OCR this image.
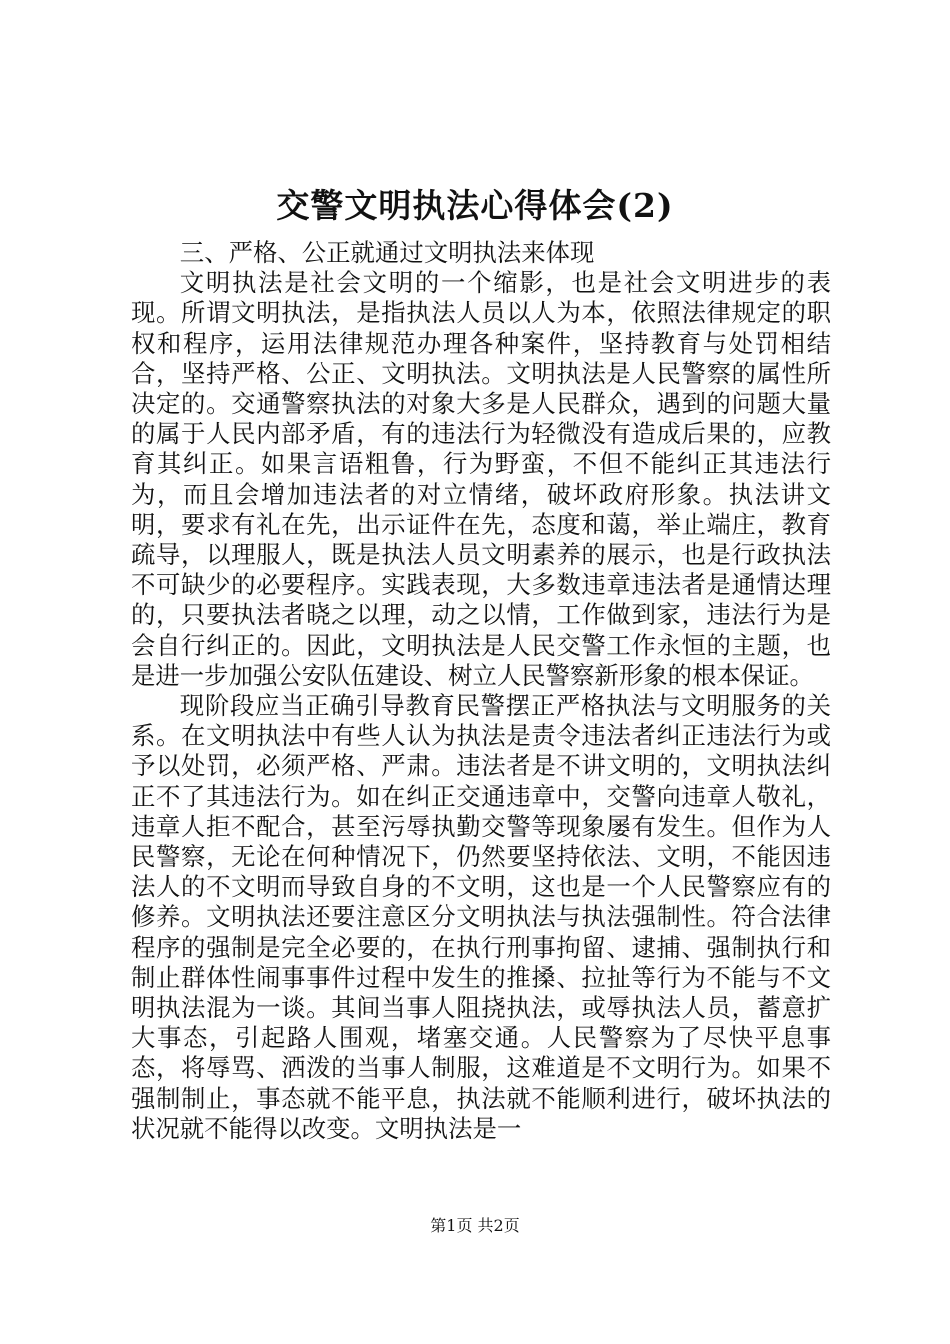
交警文明执法心得体会(2)

三、严格、公正就通过文明执法来体现

文明执法是社会文明的一个缩影，也是社会文明进步的表现。所谓文明执法，是指执法人员以人为本，依照法律规定的职权和程序，运用法律规范办理各种案件，坚持教育与处罚相结合，坚持严格、公正、文明执法。文明执法是人民警察的属性所决定的。交通警察执法的对象大多是人民群众，遇到的问题大量的属于人民内部矛盾，有的违法行为轻微没有造成后果的，应教育其纠正。如果言语粗鲁，行为野蛮，不但不能纠正其违法行为，而且会增加违法者的对立情绪，破坏政府形象。执法讲文明，要求有礼在先，出示证件在先，态度和蔼，举止端庄，教育疏导，以理服人，既是执法人员文明素养的展示，也是行政执法不可缺少的必要程序。实践表现，大多数违章违法者是通情达理的，只要执法者晓之以理，动之以情，工作做到家，违法行为是会自行纠正的。因此，文明执法是人民交警工作永恒的主题，也是进一步加强公安队伍建设、树立人民警察新形象的根本保证。

现阶段应当正确引导教育民警摆正严格执法与文明服务的关系。在文明执法中有些人认为执法是责令违法者纠正违法行为或予以处罚，必须严格、严肃。违法者是不讲文明的，文明执法纠正不了其违法行为。如在纠正交通违章中，交警向违章人敬礼，违章人拒不配合，甚至污辱执勤交警等现象屡有发生。但作为人民警察，无论在何种情况下，仍然要坚持依法、文明，不能因违法人的不文明而导致自身的不文明，这也是一个人民警察应有的修养。文明执法还要注意区分文明执法与执法强制性。符合法律程序的强制是完全必要的，在执行刑事拘留、逮捕、强制执行和制止群体性闹事事件过程中发生的推搡、拉扯等行为不能与不文明执法混为一谈。其间当事人阻挠执法，或辱执法人员，蓄意扩大事态，引起路人围观，堵塞交通。人民警察为了尽快平息事态，将辱骂、洒泼的当事人制服，这难道是不文明行为。如果不强制制止，事态就不能平息，执法就不能顺利进行，破坏执法的状况就不能得以改变。文明执法是一

第1页 共2页
